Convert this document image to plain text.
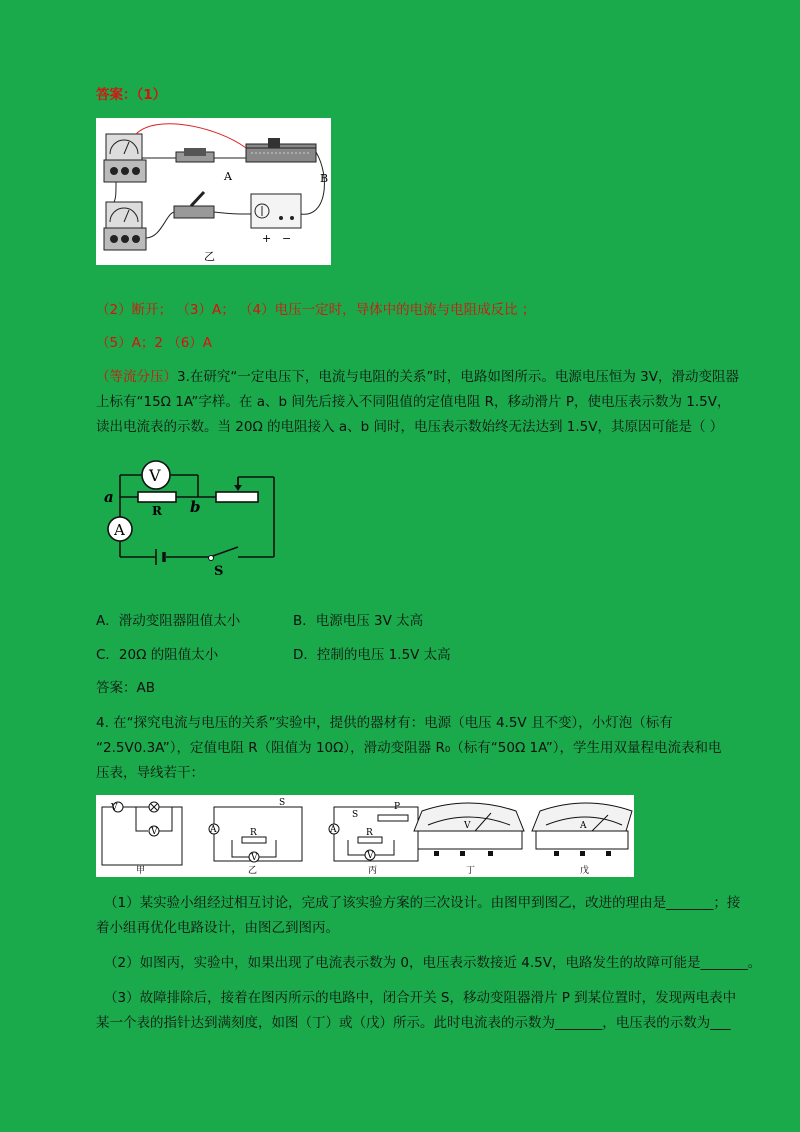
答案：（1）
A	B
+ −
乙
（2）断开； （3）A； （4）电压一定时，导体中的电流与电阻成反比 ；
（5）A；2 （6）A
（等流分压）3.在研究“一定电压下，电流与电阻的关系”时，电路如图所示。电源电压恒为 3V，滑动变阻器
上标有“15Ω 1A”字样。在 a、b 间先后接入不同阻值的定值电阻 R，移动滑片 P，使电压表示数为 1.5V，
读出电流表的示数。当 20Ω 的电阻接入 a、b 间时，电压表示数始终无法达到 1.5V，其原因可能是（ ）
V
A
a
b
R
S
A．滑动变阻器阻值太小	B．电源电压 3V 太高
C．20Ω 的阻值太小	D．控制的电压 1.5V 太高
答案：AB
4. 在“探究电流与电压的关系”实验中，提供的器材有：电源（电压 4.5V 且不变），小灯泡（标有
“2.5V0.3A”），定值电阻 R（阻值为 10Ω），滑动变阻器 R₀（标有“50Ω 1A”），学生用双量程电流表和电
压表，导线若干：
V
V	A
S
R
V
S
P
A	R
V
V	A
甲	乙	丙	丁	戊
（1）某实验小组经过相互讨论，完成了该实验方案的三次设计。由图甲到图乙，改进的理由是_______；接
着小组再优化电路设计，由图乙到图丙。
（2）如图丙，实验中，如果出现了电流表示数为 0，电压表示数接近 4.5V，电路发生的故障可能是_______。
（3）故障排除后，接着在图丙所示的电路中，闭合开关 S，移动变阻器滑片 P 到某位置时，发现两电表中
某一个表的指针达到满刻度，如图（丁）或（戊）所示。此时电流表的示数为_______，电压表的示数为___
